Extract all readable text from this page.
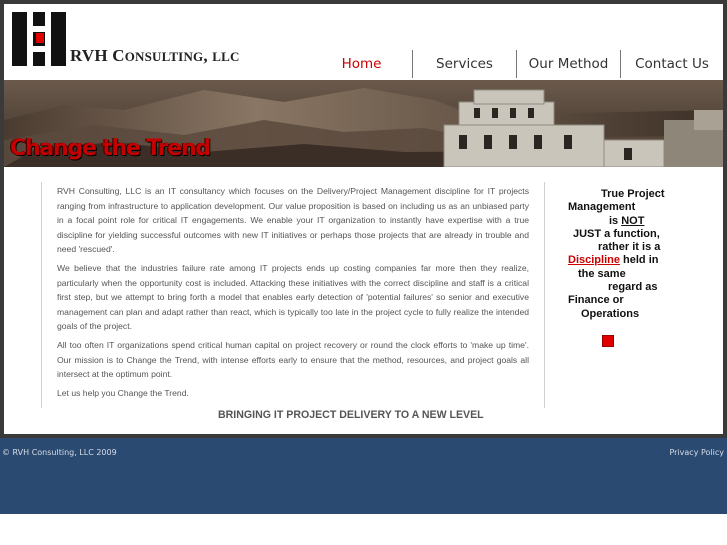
RVH CONSULTING, LLC	Home	Services	Our Method	Contact Us
Change the Trend

RVH Consulting, LLC is an IT consultancy which focuses on the Delivery/Project Management discipline for IT projects ranging from infrastructure to application development. Our value proposition is based on including us as an unbiased party in a focal point role for critical IT engagements. We enable your IT organization to instantly have expertise with a true discipline for yielding successful outcomes with new IT initiatives or perhaps those projects that are already in trouble and need 'rescued'.

We believe that the industries failure rate among IT projects ends up costing companies far more then they realize, particularly when the opportunity cost is included. Attacking these initiatives with the correct discipline and staff is a critical first step, but we attempt to bring forth a model that enables early detection of 'potential failures' so senior and executive management can plan and adapt rather than react, which is typically too late in the project cycle to fully realize the intended goals of the project.

All too often IT organizations spend critical human capital on project recovery or round the clock efforts to 'make up time'. Our mission is to Change the Trend, with intense efforts early to ensure that the method, resources, and project goals all intersect at the optimum point.

Let us help you Change the Trend.

BRINGING IT PROJECT DELIVERY TO A NEW LEVEL
True Project
Management
is NOT
JUST a function,
rather it is a
Discipline held in
the same
regard as
Finance or
Operations
© RVH Consulting, LLC 2009	Privacy Policy
